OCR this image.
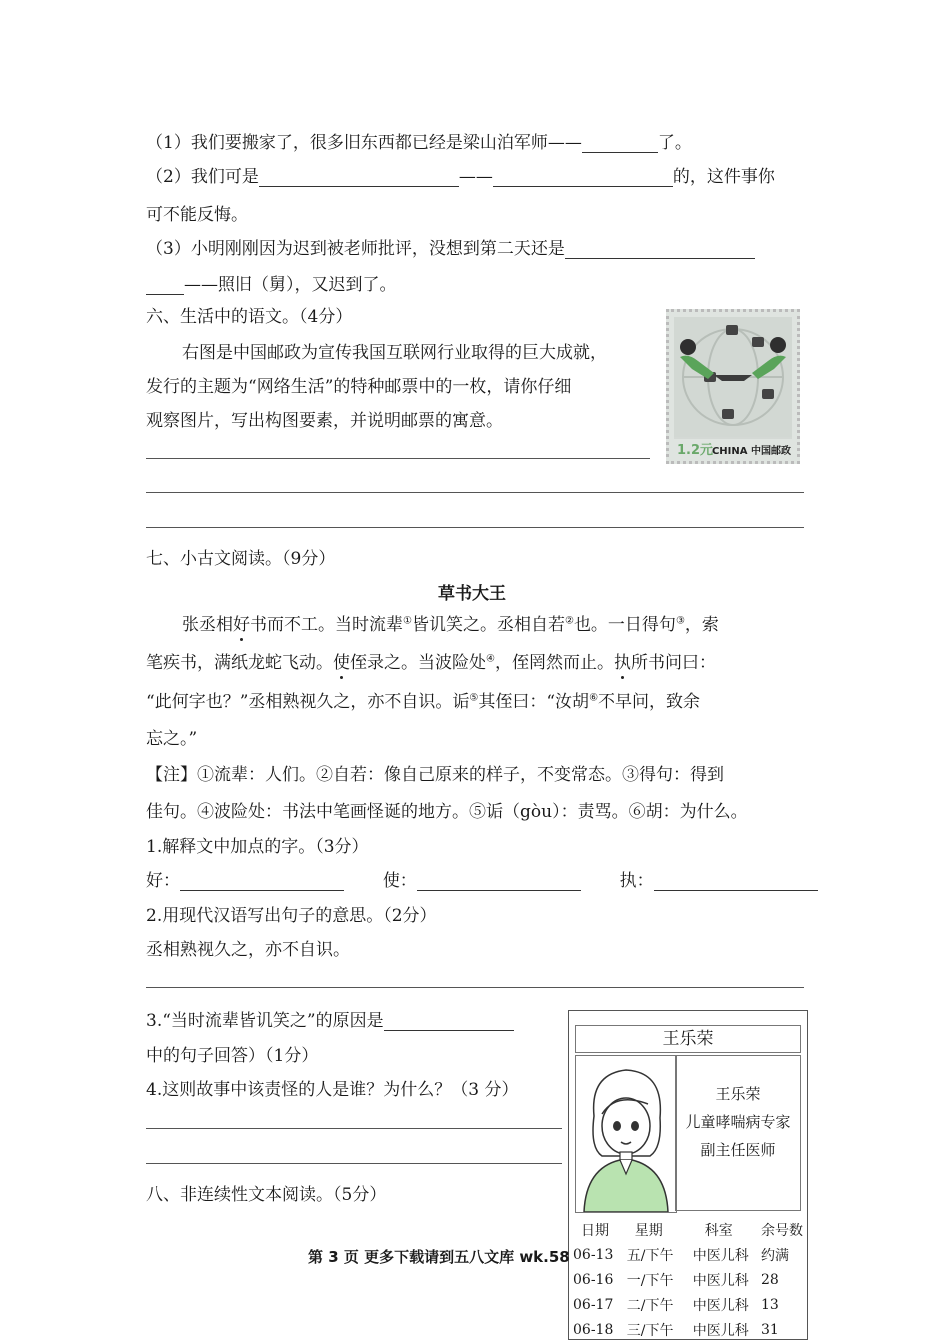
（1）我们要搬家了，很多旧东西都已经是梁山泊军师——	了。
（2）我们可是	——	的，这件事你
可不能反悔。
（3）小明刚刚因为迟到被老师批评，没想到第二天还是
——照旧（舅），又迟到了。
六、生活中的语文。（4分）
右图是中国邮政为宣传我国互联网行业取得的巨大成就，
发行的主题为“网络生活”的特种邮票中的一枚，请你仔细
观察图片，写出构图要素，并说明邮票的寓意。
1.2元
CHINA 中国邮政
七、小古文阅读。（9分）
草书大王
张丞相好书而不工。当时流辈①皆讥笑之。丞相自若②也。一日得句③，索
笔疾书，满纸龙蛇飞动。使侄录之。当波险处④，侄罔然而止。执所书问曰：
“此何字也？”丞相熟视久之，亦不自识。诟⑤其侄曰：“汝胡⑥不早问，致余
忘之。”
【注】①流辈：人们。②自若：像自己原来的样子，不变常态。③得句：得到
佳句。④波险处：书法中笔画怪诞的地方。⑤诟（gòu）：责骂。⑥胡：为什么。
1.解释文中加点的字。（3分）
好：	使：	执：
2.用现代汉语写出句子的意思。（2分）
丞相熟视久之，亦不自识。
3.“当时流辈皆讥笑之”的原因是
中的句子回答）（1分）
4.这则故事中该责怪的人是谁？为什么？（3 分）
八、非连续性文本阅读。（5分）
王乐荣
王乐荣
儿童哮喘病专家
副主任医师
日期	星期	科室	余号数
06-13	五/下午	中医儿科	约满
06-16	一/下午	中医儿科	28
06-17	二/下午	中医儿科	13
06-18	三/下午	中医儿科	31
第 3 页 更多下载请到五八文库 wk.58
